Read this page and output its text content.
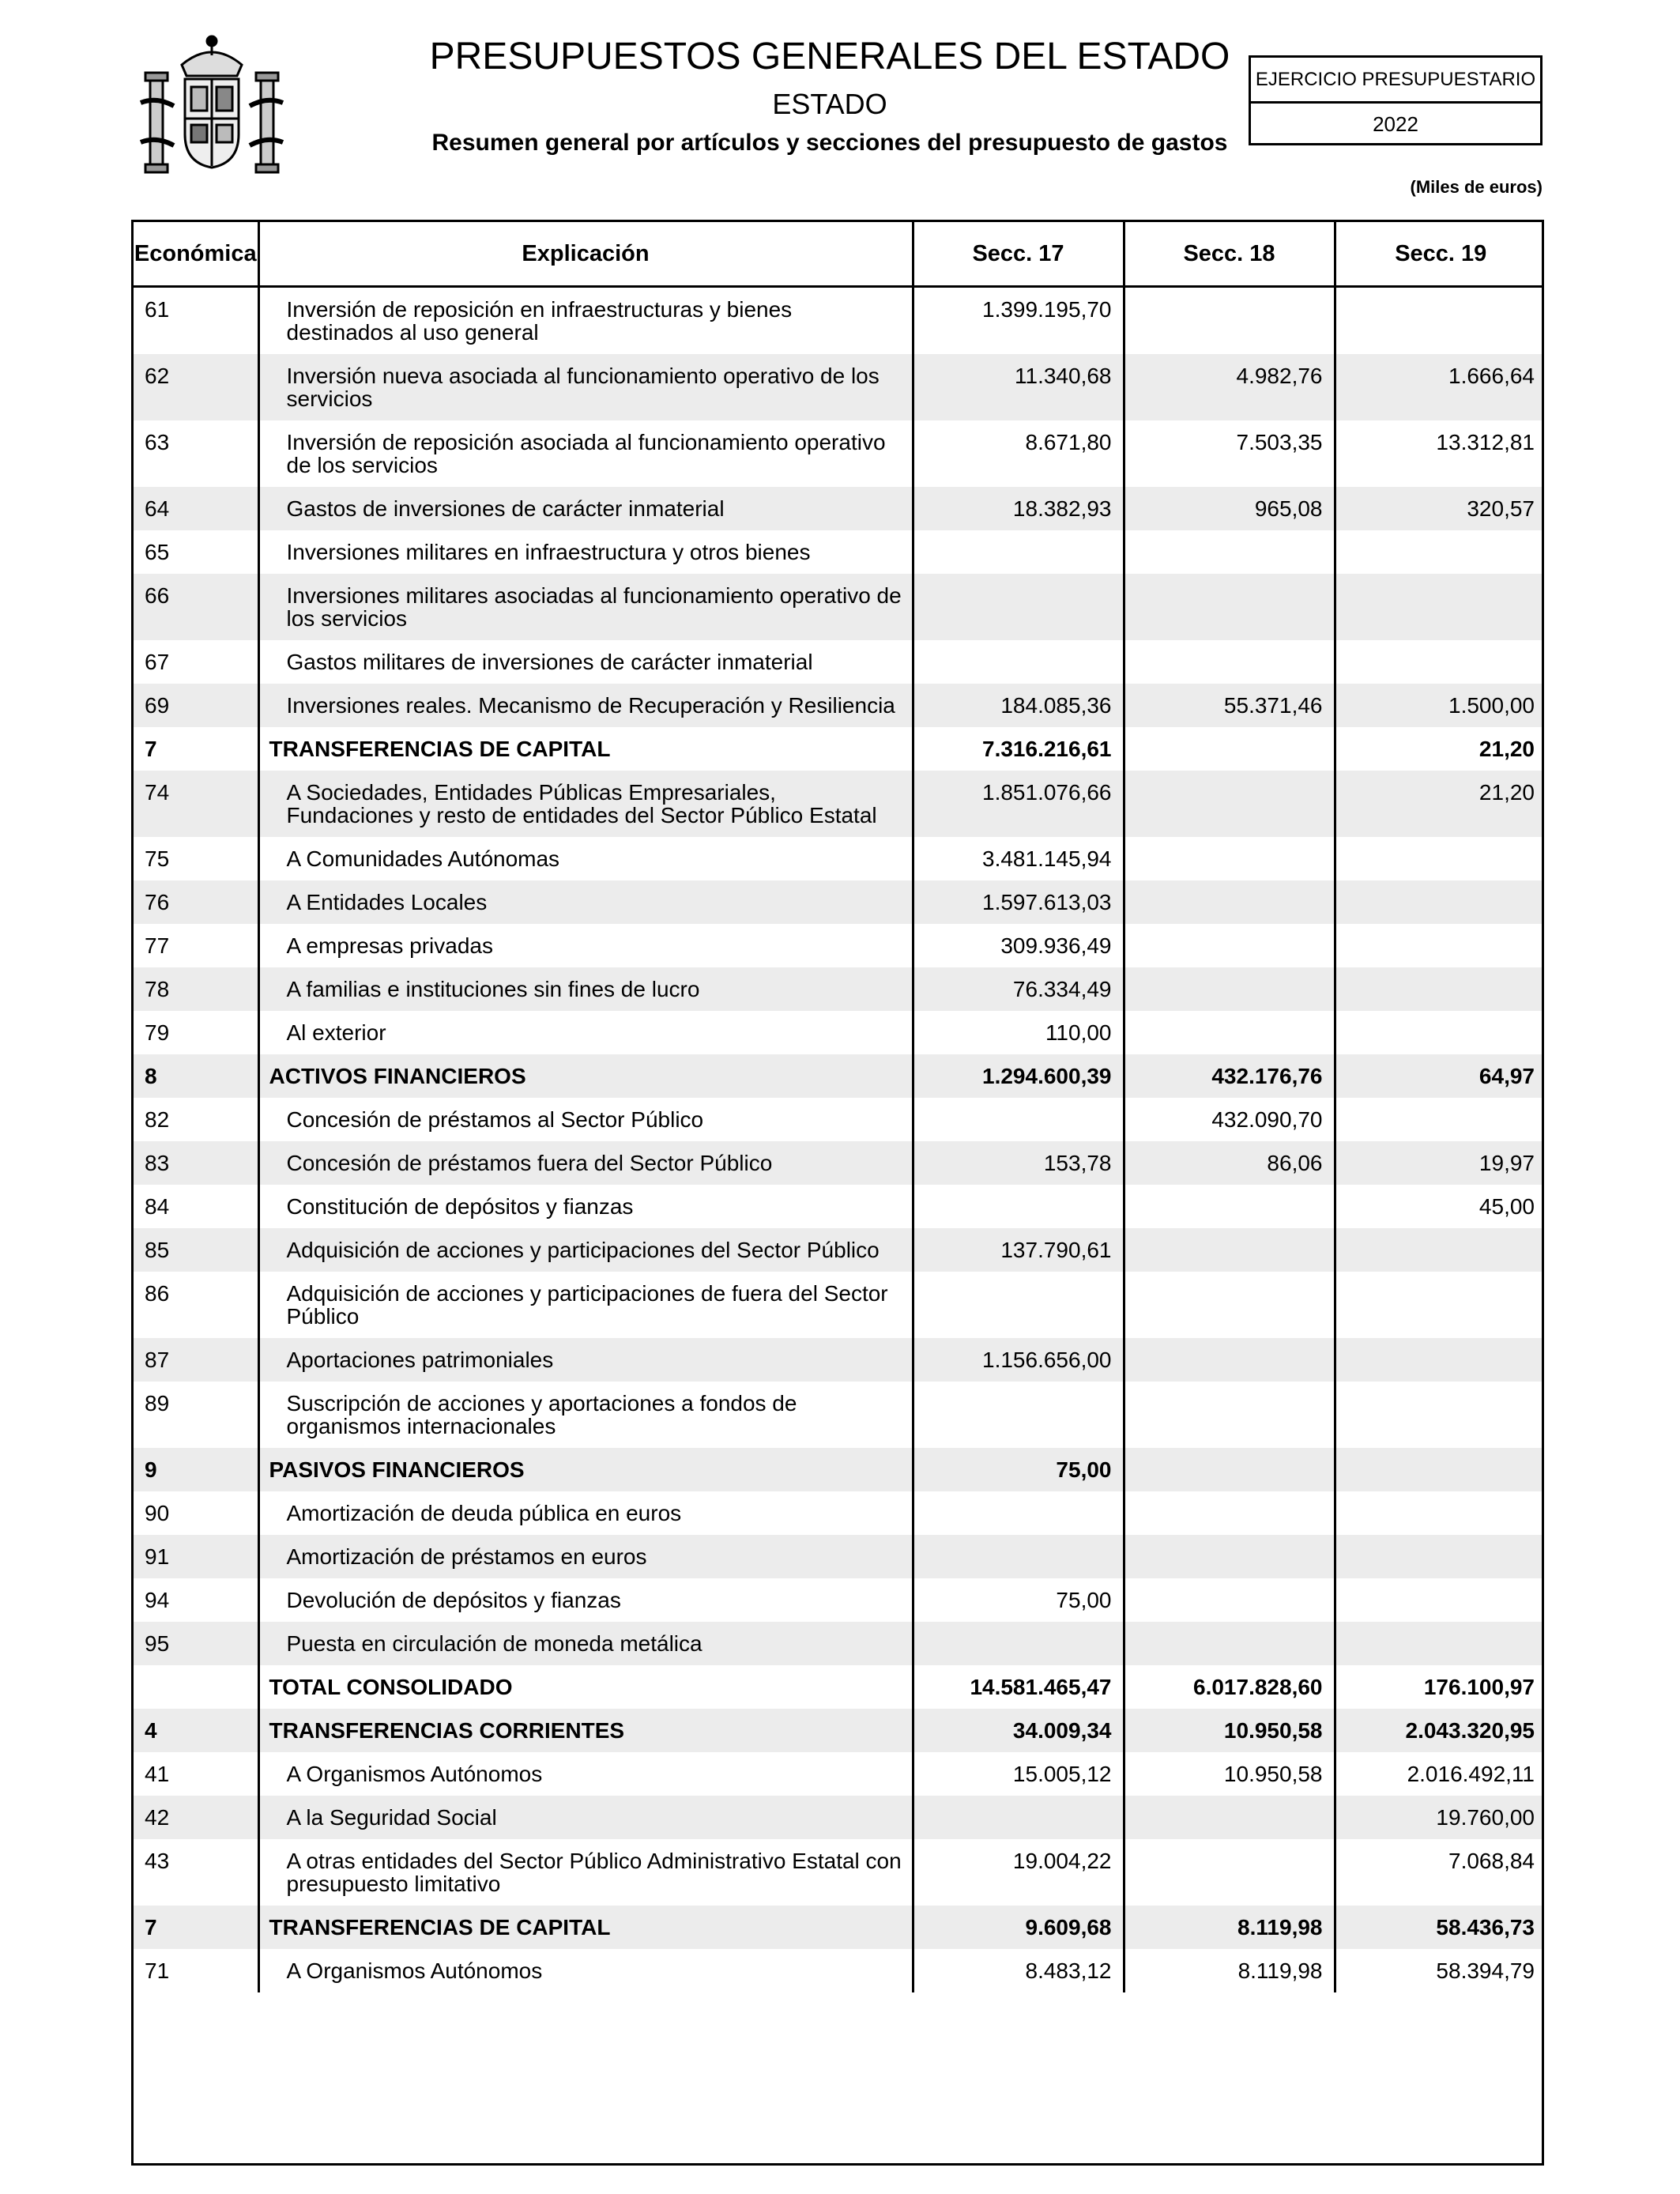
PRESUPUESTOS GENERALES DEL ESTADO
ESTADO
Resumen general por artículos y secciones del presupuesto de gastos
EJERCICIO PRESUPUESTARIO
2022
(Miles de euros)
Económica	Explicación	Secc. 17	Secc. 18	Secc. 19
61	Inversión de reposición en infraestructuras y bienes destinados al uso general	1.399.195,70		
62	Inversión nueva asociada al funcionamiento operativo de los servicios	11.340,68	4.982,76	1.666,64
63	Inversión de reposición asociada al funcionamiento operativo de los servicios	8.671,80	7.503,35	13.312,81
64	Gastos de inversiones de carácter inmaterial	18.382,93	965,08	320,57
65	Inversiones militares en infraestructura y otros bienes			
66	Inversiones militares asociadas al funcionamiento operativo de los servicios			
67	Gastos militares de inversiones de carácter inmaterial			
69	Inversiones reales. Mecanismo de Recuperación y Resiliencia	184.085,36	55.371,46	1.500,00
7	TRANSFERENCIAS DE CAPITAL	7.316.216,61		21,20
74	A Sociedades, Entidades Públicas Empresariales, Fundaciones y resto de entidades del Sector Público Estatal	1.851.076,66		21,20
75	A Comunidades Autónomas	3.481.145,94		
76	A Entidades Locales	1.597.613,03		
77	A empresas privadas	309.936,49		
78	A familias e instituciones sin fines de lucro	76.334,49		
79	Al exterior	110,00		
8	ACTIVOS FINANCIEROS	1.294.600,39	432.176,76	64,97
82	Concesión de préstamos al Sector Público		432.090,70	
83	Concesión de préstamos fuera del Sector Público	153,78	86,06	19,97
84	Constitución de depósitos y fianzas			45,00
85	Adquisición de acciones y participaciones del Sector Público	137.790,61		
86	Adquisición de acciones y participaciones de fuera del Sector Público			
87	Aportaciones patrimoniales	1.156.656,00		
89	Suscripción de acciones y aportaciones a fondos de organismos internacionales			
9	PASIVOS FINANCIEROS	75,00		
90	Amortización de deuda pública en euros			
91	Amortización de préstamos en euros			
94	Devolución de depósitos y fianzas	75,00		
95	Puesta en circulación de moneda metálica			
	TOTAL CONSOLIDADO	14.581.465,47	6.017.828,60	176.100,97
4	TRANSFERENCIAS CORRIENTES	34.009,34	10.950,58	2.043.320,95
41	A Organismos Autónomos	15.005,12	10.950,58	2.016.492,11
42	A la Seguridad Social			19.760,00
43	A otras entidades del Sector Público Administrativo Estatal con presupuesto limitativo	19.004,22		7.068,84
7	TRANSFERENCIAS DE CAPITAL	9.609,68	8.119,98	58.436,73
71	A Organismos Autónomos	8.483,12	8.119,98	58.394,79
